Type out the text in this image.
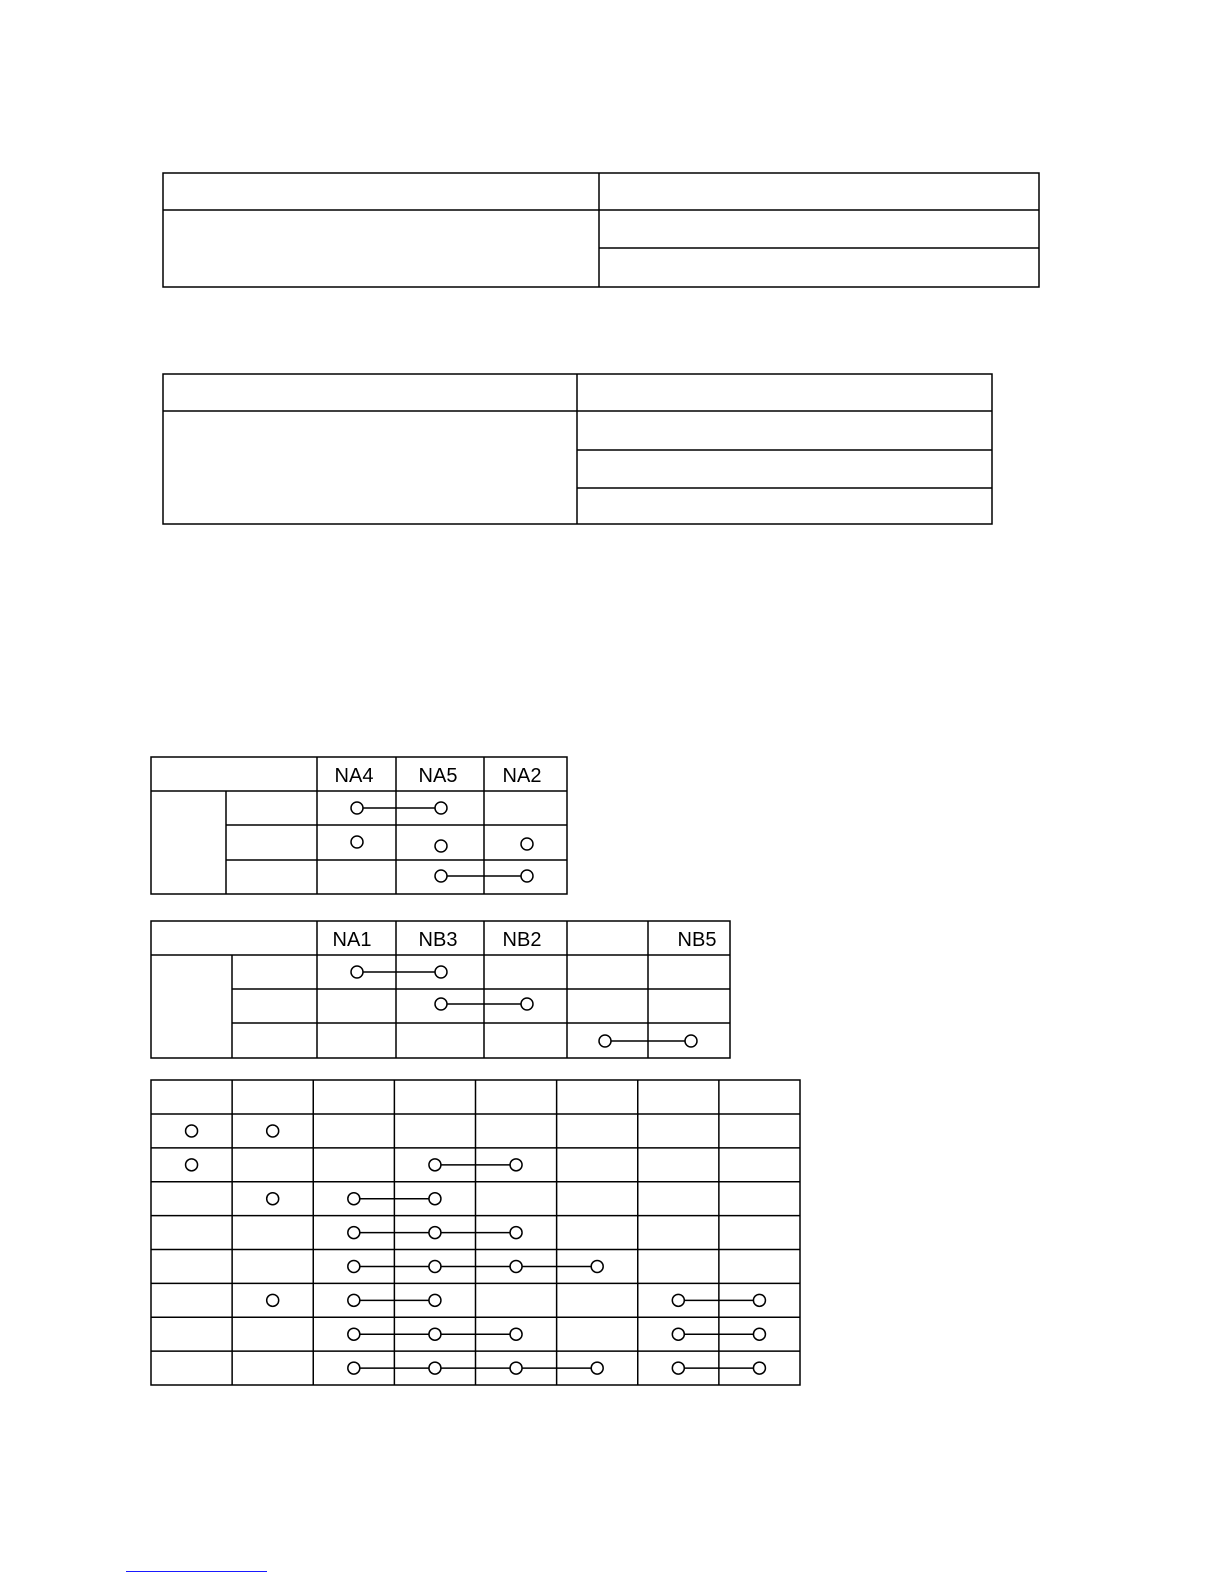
NA4 NA5 NA2
NA1 NB3 NB2	NB5
